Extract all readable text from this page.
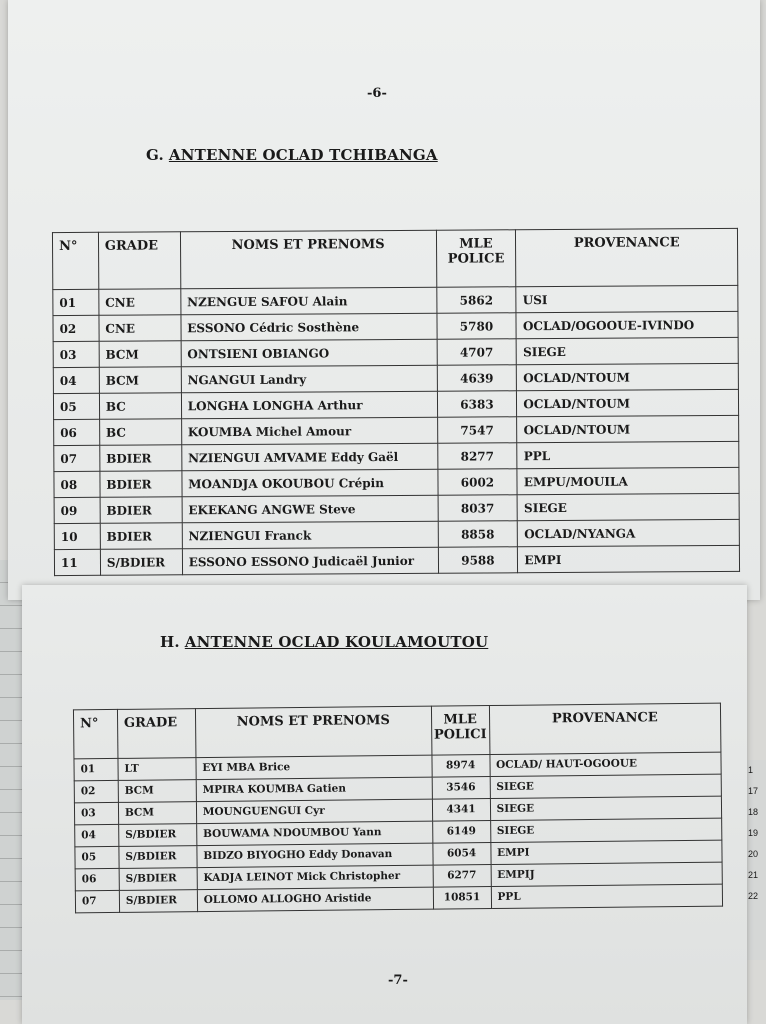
1
17
18
19
20
21
22
-6-
G. ANTENNE OCLAD TCHIBANGA
N°	GRADE	NOMS ET PRENOMS	MLE POLICE	PROVENANCE
01	CNE	NZENGUE SAFOU Alain	5862	USI
02	CNE	ESSONO Cédric Sosthène	5780	OCLAD/OGOOUE-IVINDO
03	BCM	ONTSIENI OBIANGO	4707	SIEGE
04	BCM	NGANGUI Landry	4639	OCLAD/NTOUM
05	BC	LONGHA LONGHA Arthur	6383	OCLAD/NTOUM
06	BC	KOUMBA Michel Amour	7547	OCLAD/NTOUM
07	BDIER	NZIENGUI AMVAME Eddy Gaël	8277	PPL
08	BDIER	MOANDJA OKOUBOU Crépin	6002	EMPU/MOUILA
09	BDIER	EKEKANG ANGWE Steve	8037	SIEGE
10	BDIER	NZIENGUI Franck	8858	OCLAD/NYANGA
11	S/BDIER	ESSONO ESSONO Judicaël Junior	9588	EMPI
H. ANTENNE OCLAD KOULAMOUTOU
N°	GRADE	NOMS ET PRENOMS	MLE POLICI	PROVENANCE
01	LT	EYI MBA Brice	8974	OCLAD/ HAUT-OGOOUE
02	BCM	MPIRA KOUMBA Gatien	3546	SIEGE
03	BCM	MOUNGUENGUI Cyr	4341	SIEGE
04	S/BDIER	BOUWAMA NDOUMBOU Yann	6149	SIEGE
05	S/BDIER	BIDZO BIYOGHO Eddy Donavan	6054	EMPI
06	S/BDIER	KADJA LEINOT Mick Christopher	6277	EMPIJ
07	S/BDIER	OLLOMO ALLOGHO Aristide	10851	PPL
-7-
